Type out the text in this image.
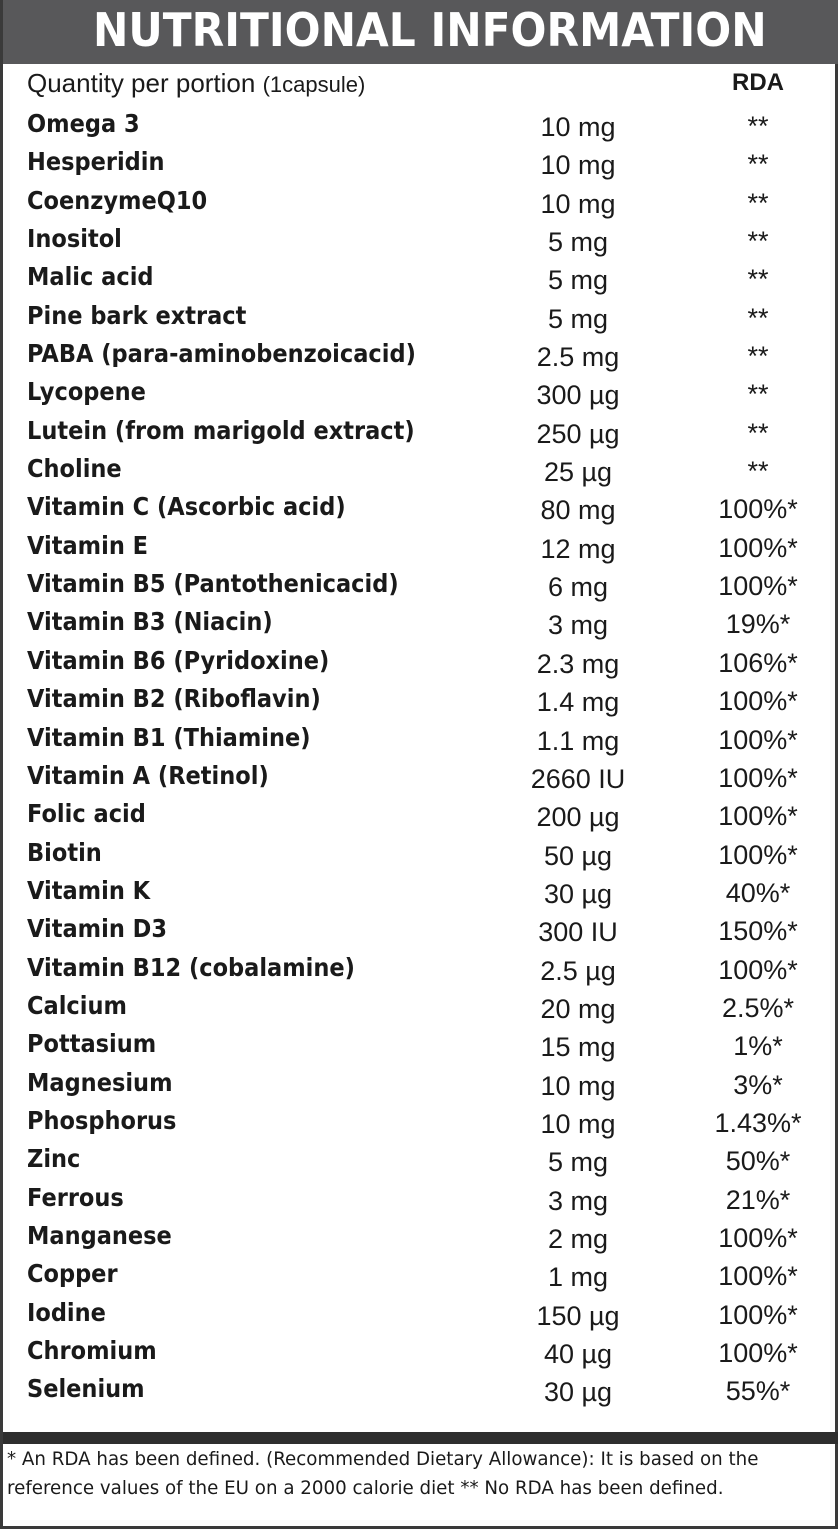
NUTRITIONAL INFORMATION
Quantity per portion (1capsule)	RDA
Omega 3	10 mg	**
Hesperidin	10 mg	**
CoenzymeQ10	10 mg	**
Inositol	5 mg	**
Malic acid	5 mg	**
Pine bark extract	5 mg	**
PABA (para-aminobenzoicacid)	2.5 mg	**
Lycopene	300 µg	**
Lutein (from marigold extract)	250 µg	**
Choline	25 µg	**
Vitamin C (Ascorbic acid)	80 mg	100%*
Vitamin E	12 mg	100%*
Vitamin B5 (Pantothenicacid)	6 mg	100%*
Vitamin B3 (Niacin)	3 mg	19%*
Vitamin B6 (Pyridoxine)	2.3 mg	106%*
Vitamin B2 (Riboflavin)	1.4 mg	100%*
Vitamin B1 (Thiamine)	1.1 mg	100%*
Vitamin A (Retinol)	2660 IU	100%*
Folic acid	200 µg	100%*
Biotin	50 µg	100%*
Vitamin K	30 µg	40%*
Vitamin D3	300 IU	150%*
Vitamin B12 (cobalamine)	2.5 µg	100%*
Calcium	20 mg	2.5%*
Pottasium	15 mg	1%*
Magnesium	10 mg	3%*
Phosphorus	10 mg	1.43%*
Zinc	5 mg	50%*
Ferrous	3 mg	21%*
Manganese	2 mg	100%*
Copper	1 mg	100%*
Iodine	150 µg	100%*
Chromium	40 µg	100%*
Selenium	30 µg	55%*
* An RDA has been defined. (Recommended Dietary Allowance): It is based on the
reference values of the EU on a 2000 calorie diet ** No RDA has been defined.
